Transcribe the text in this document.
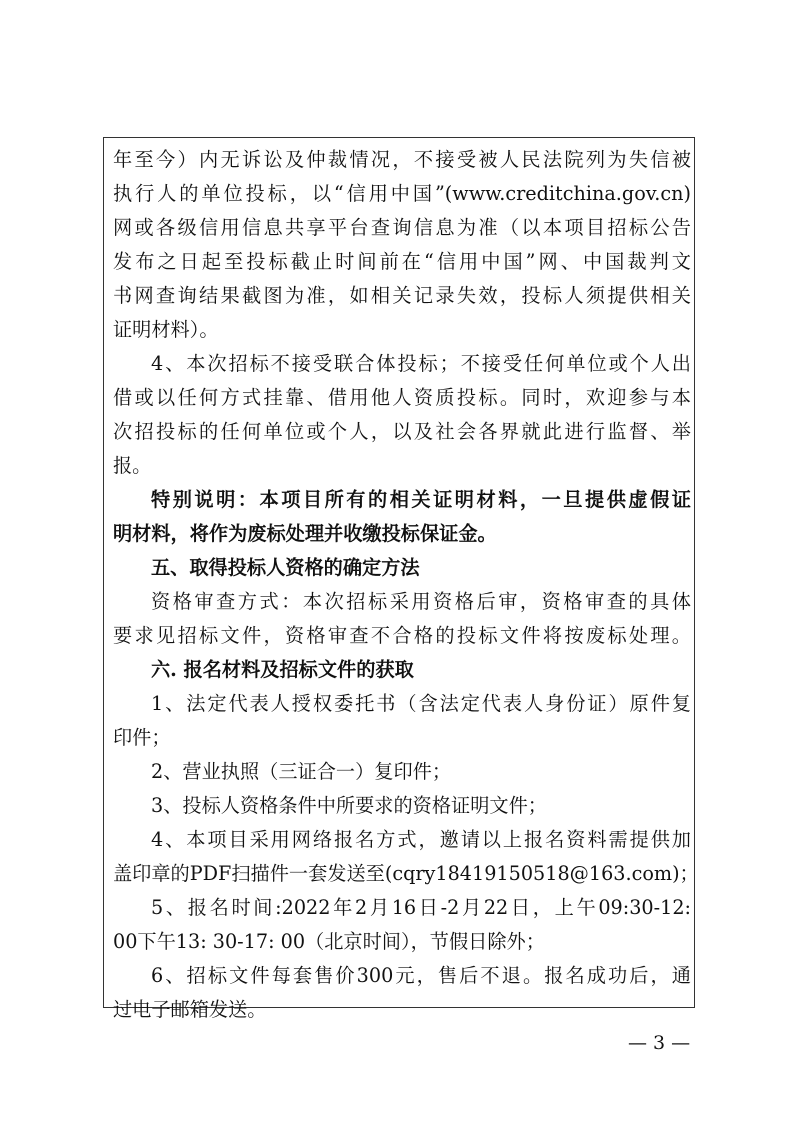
年至今）内无诉讼及仲裁情况，不接受被人民法院列为失信被
执行人的单位投标，以“信用中国”(www.creditchina.gov.cn)
网或各级信用信息共享平台查询信息为准（以本项目招标公告
发布之日起至投标截止时间前在“信用中国”网、中国裁判文
书网查询结果截图为准，如相关记录失效，投标人须提供相关
证明材料）。
4、本次招标不接受联合体投标；不接受任何单位或个人出
借或以任何方式挂靠、借用他人资质投标。同时，欢迎参与本
次招投标的任何单位或个人，以及社会各界就此进行监督、举
报。
特别说明：本项目所有的相关证明材料，一旦提供虚假证
明材料，将作为废标处理并收缴投标保证金。
五、取得投标人资格的确定方法
资格审查方式：本次招标采用资格后审，资格审查的具体
要求见招标文件，资格审查不合格的投标文件将按废标处理。
六. 报名材料及招标文件的获取
1、法定代表人授权委托书（含法定代表人身份证）原件复
印件；
2、营业执照（三证合一）复印件；
3、投标人资格条件中所要求的资格证明文件；
4、本项目采用网络报名方式，邀请以上报名资料需提供加
盖印章的PDF扫描件一套发送至(cqry18419150518@163.com)；
5、报名时间:2022年2月16日-2月22日，上午09:30-12:
00下午13: 30-17: 00（北京时间），节假日除外；
6、招标文件每套售价300元，售后不退。报名成功后，通
过电子邮箱发送。
— 3 —
